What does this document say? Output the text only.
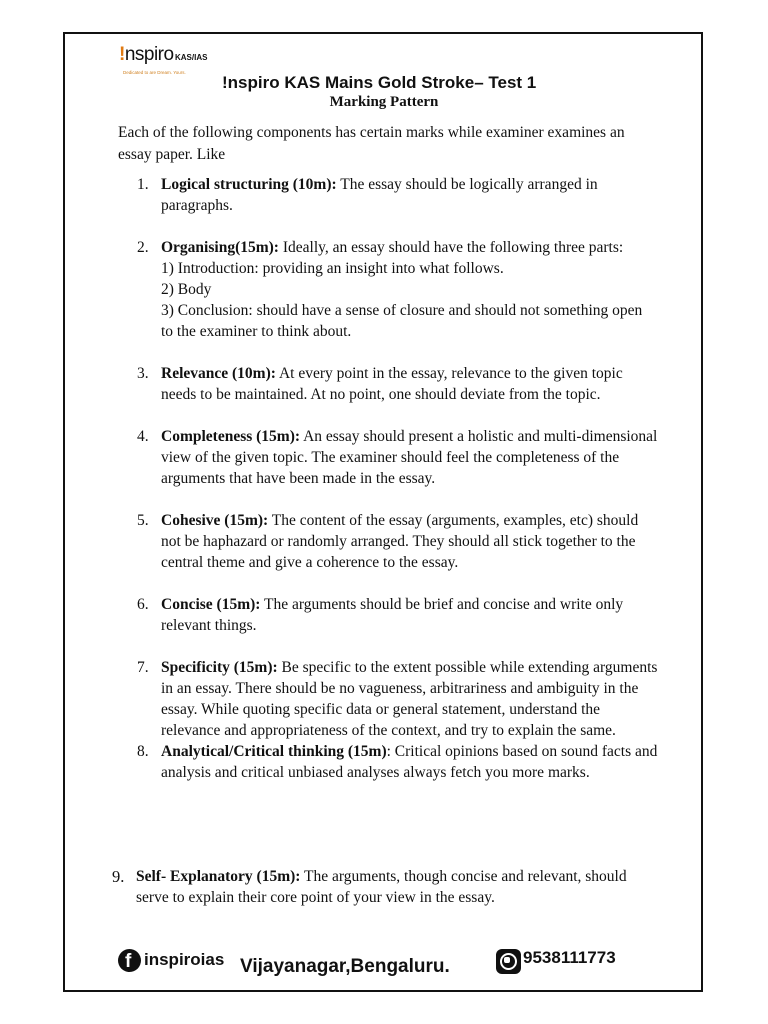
!nspiro KAS/IAS
Dedicated to are Dream. Yours.
!nspiro KAS Mains Gold Stroke– Test 1
Marking Pattern
Each of the following components has certain marks while examiner examines an essay paper. Like
1. Logical structuring (10m): The essay should be logically arranged in paragraphs.
2. Organising(15m): Ideally, an essay should have the following three parts:
1) Introduction: providing an insight into what follows.
2) Body
3) Conclusion: should have a sense of closure and should not something open to the examiner to think about.
3. Relevance (10m): At every point in the essay, relevance to the given topic needs to be maintained. At no point, one should deviate from the topic.
4. Completeness (15m): An essay should present a holistic and multi-dimensional view of the given topic. The examiner should feel the completeness of the arguments that have been made in the essay.
5. Cohesive (15m): The content of the essay (arguments, examples, etc) should not be haphazard or randomly arranged. They should all stick together to the central theme and give a coherence to the essay.
6. Concise (15m): The arguments should be brief and concise and write only relevant things.
7. Specificity (15m): Be specific to the extent possible while extending arguments in an essay. There should be no vagueness, arbitrariness and ambiguity in the essay. While quoting specific data or general statement, understand the relevance and appropriateness of the context, and try to explain the same.
8. Analytical/Critical thinking (15m): Critical opinions based on sound facts and analysis and critical unbiased analyses always fetch you more marks.
9. Self- Explanatory (15m): The arguments, though concise and relevant, should serve to explain their core point of your view in the essay.
f inspiroias Vijayanagar,Bengaluru.	9538111773
